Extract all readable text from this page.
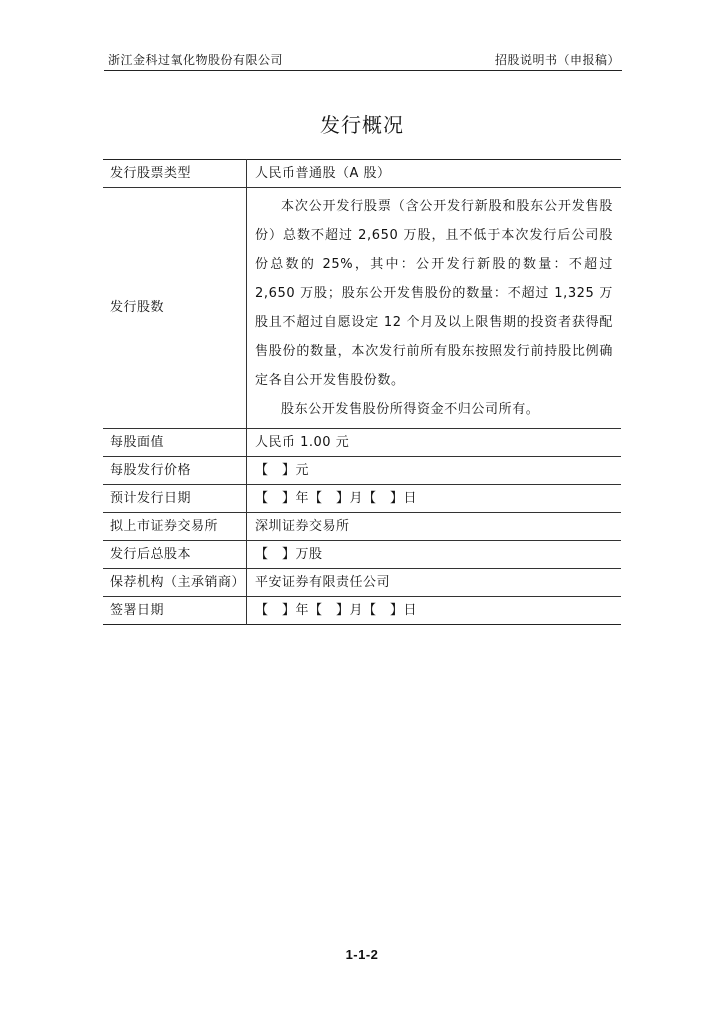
浙江金科过氧化物股份有限公司	招股说明书（申报稿）
发行概况
发行股票类型	人民币普通股（A 股）
发行股数	本次公开发行股票（含公开发行新股和股东公开发售股份）总数不超过 2,650 万股，且不低于本次发行后公司股份总数的 25%，其中：公开发行新股的数量：不超过 2,650 万股；股东公开发售股份的数量：不超过 1,325 万股且不超过自愿设定 12 个月及以上限售期的投资者获得配售股份的数量，本次发行前所有股东按照发行前持股比例确定各自公开发售股份数。
股东公开发售股份所得资金不归公司所有。

每股面值	人民币 1.00 元
每股发行价格	【　】元
预计发行日期	【　】年【　】月【　】日
拟上市证券交易所	深圳证券交易所
发行后总股本	【　】万股
保荐机构（主承销商）	平安证券有限责任公司
签署日期	【　】年【　】月【　】日
1-1-2
